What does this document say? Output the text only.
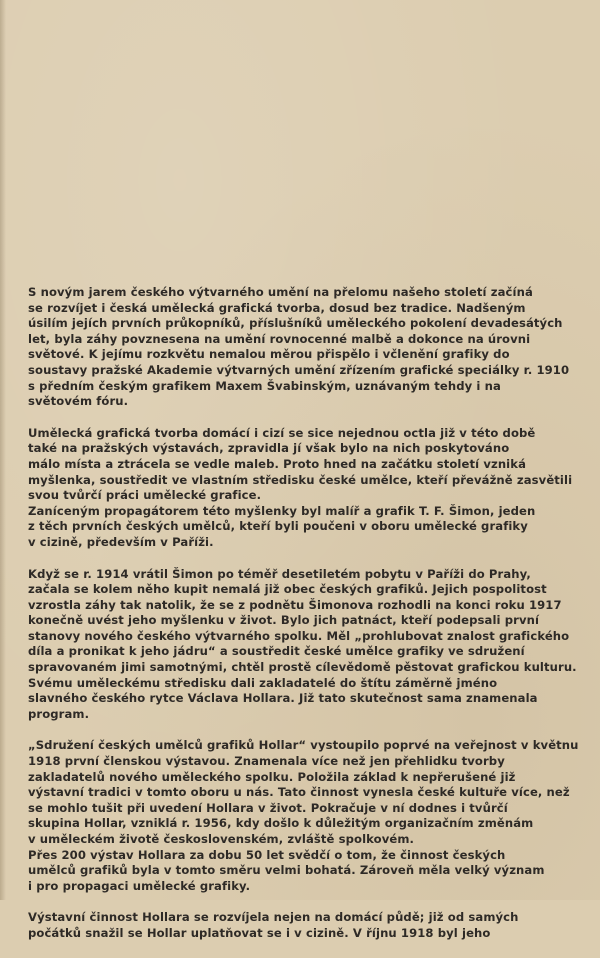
S novým jarem českého výtvarného umění na přelomu našeho století začíná
se rozvíjet i česká umělecká grafická tvorba, dosud bez tradice. Nadšeným
úsilím jejích prvních průkopníků, příslušníků uměleckého pokolení devadesátých
let, byla záhy povznesena na umění rovnocenné malbě a dokonce na úrovni
světové. K jejímu rozkvětu nemalou měrou přispělo i včlenění grafiky do
soustavy pražské Akademie výtvarných umění zřízením grafické speciálky r. 1910
s předním českým grafikem Maxem Švabinským, uznávaným tehdy i na
světovém fóru.
Umělecká grafická tvorba domácí i cizí se sice nejednou octla již v této době
také na pražských výstavách, zpravidla jí však bylo na nich poskytováno
málo místa a ztrácela se vedle maleb. Proto hned na začátku století vzniká
myšlenka, soustředit ve vlastním středisku české umělce, kteří převážně zasvětili
svou tvůrčí práci umělecké grafice.
Zaníceným propagátorem této myšlenky byl malíř a grafik T. F. Šimon, jeden
z těch prvních českých umělců, kteří byli poučeni v oboru umělecké grafiky
v cizině, především v Paříži.
Když se r. 1914 vrátil Šimon po téměř desetiletém pobytu v Paříži do Prahy,
začala se kolem něho kupit nemalá již obec českých grafiků. Jejich pospolitost
vzrostla záhy tak natolik, že se z podnětu Šimonova rozhodli na konci roku 1917
konečně uvést jeho myšlenku v život. Bylo jich patnáct, kteří podepsali první
stanovy nového českého výtvarného spolku. Měl „prohlubovat znalost grafického
díla a pronikat k jeho jádru“ a soustředit české umělce grafiky ve sdružení
spravovaném jimi samotnými, chtěl prostě cílevědomě pěstovat grafickou kulturu.
Svému uměleckému středisku dali zakladatelé do štítu záměrně jméno
slavného českého rytce Václava Hollara. Již tato skutečnost sama znamenala
program.
„Sdružení českých umělců grafiků Hollar“ vystoupilo poprvé na veřejnost v květnu
1918 první členskou výstavou. Znamenala více než jen přehlidku tvorby
zakladatelů nového uměleckého spolku. Položila základ k nepřerušené již
výstavní tradici v tomto oboru u nás. Tato činnost vynesla české kultuře více, než
se mohlo tušit při uvedení Hollara v život. Pokračuje v ní dodnes i tvůrčí
skupina Hollar, vzniklá r. 1956, kdy došlo k důležitým organizačním změnám
v uměleckém životě československém, zvláště spolkovém.
Přes 200 výstav Hollara za dobu 50 let svědčí o tom, že činnost českých
umělců grafiků byla v tomto směru velmi bohatá. Zároveň měla velký význam
i pro propagaci umělecké grafiky.
Výstavní činnost Hollara se rozvíjela nejen na domácí půdě; již od samých
počátků snažil se Hollar uplatňovat se i v cizině. V říjnu 1918 byl jeho
